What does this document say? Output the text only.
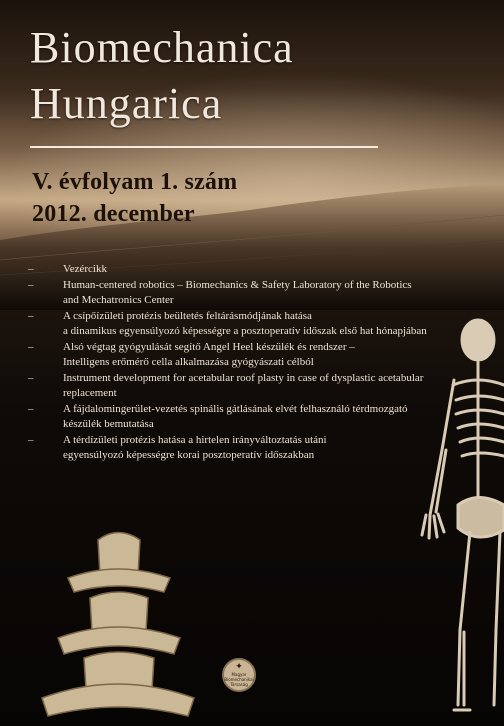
Biomechanica
Hungarica

V. évfolyam 1. szám

2012. december

–	Vezércikk
–	Human-centered robotics – Biomechanics & Safety Laboratory of the Robotics
and Mechatronics Center
–	A csípőízületi protézis beültetés feltárásmódjának hatása
a dinamikus egyensúlyozó képességre a posztoperatív időszak első hat hónapjában
–	Alsó végtag gyógyulását segítő Angel Heel készülék és rendszer –
Intelligens erőmérő cella alkalmazása gyógyászati célból
–	Instrument development for acetabular roof plasty in case of dysplastic acetabular
replacement
–	A fájdalomingerület-vezetés spinális gátlásának elvét felhasználó térdmozgató
készülék bemutatása
–	A térdízületi protézis hatása a hirtelen irányváltoztatás utáni
egyensúlyozó képességre korai posztoperatív időszakban
✦
Magyar
Biomechanikai
Társaság
